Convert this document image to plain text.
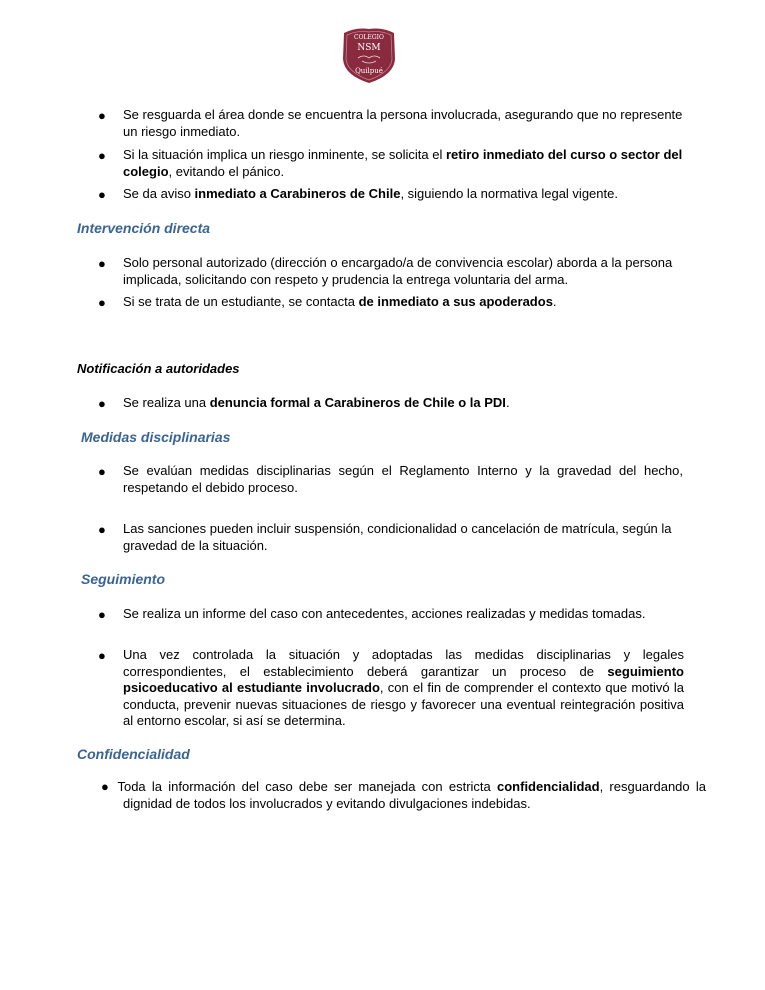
COLEGIO
NSM
Quilpué
● Se resguarda el área donde se encuentra la persona involucrada, asegurando que no represente un riesgo inmediato.
● Si la situación implica un riesgo inminente, se solicita el retiro inmediato del curso o sector del colegio, evitando el pánico.
● Se da aviso inmediato a Carabineros de Chile, siguiendo la normativa legal vigente.
Intervención directa
● Solo personal autorizado (dirección o encargado/a de convivencia escolar) aborda a la persona implicada, solicitando con respeto y prudencia la entrega voluntaria del arma.
● Si se trata de un estudiante, se contacta de inmediato a sus apoderados.
Notificación a autoridades
● Se realiza una denuncia formal a Carabineros de Chile o la PDI.
Medidas disciplinarias
● Se evalúan medidas disciplinarias según el Reglamento Interno y la gravedad del hecho, respetando el debido proceso.
● Las sanciones pueden incluir suspensión, condicionalidad o cancelación de matrícula, según la gravedad de la situación.
Seguimiento
● Se realiza un informe del caso con antecedentes, acciones realizadas y medidas tomadas.
● Una vez controlada la situación y adoptadas las medidas disciplinarias y legales correspondientes, el establecimiento deberá garantizar un proceso de seguimiento psicoeducativo al estudiante involucrado, con el fin de comprender el contexto que motivó la conducta, prevenir nuevas situaciones de riesgo y favorecer una eventual reintegración positiva al entorno escolar, si así se determina.
Confidencialidad
● Toda la información del caso debe ser manejada con estricta confidencialidad, resguardando la dignidad de todos los involucrados y evitando divulgaciones indebidas.
